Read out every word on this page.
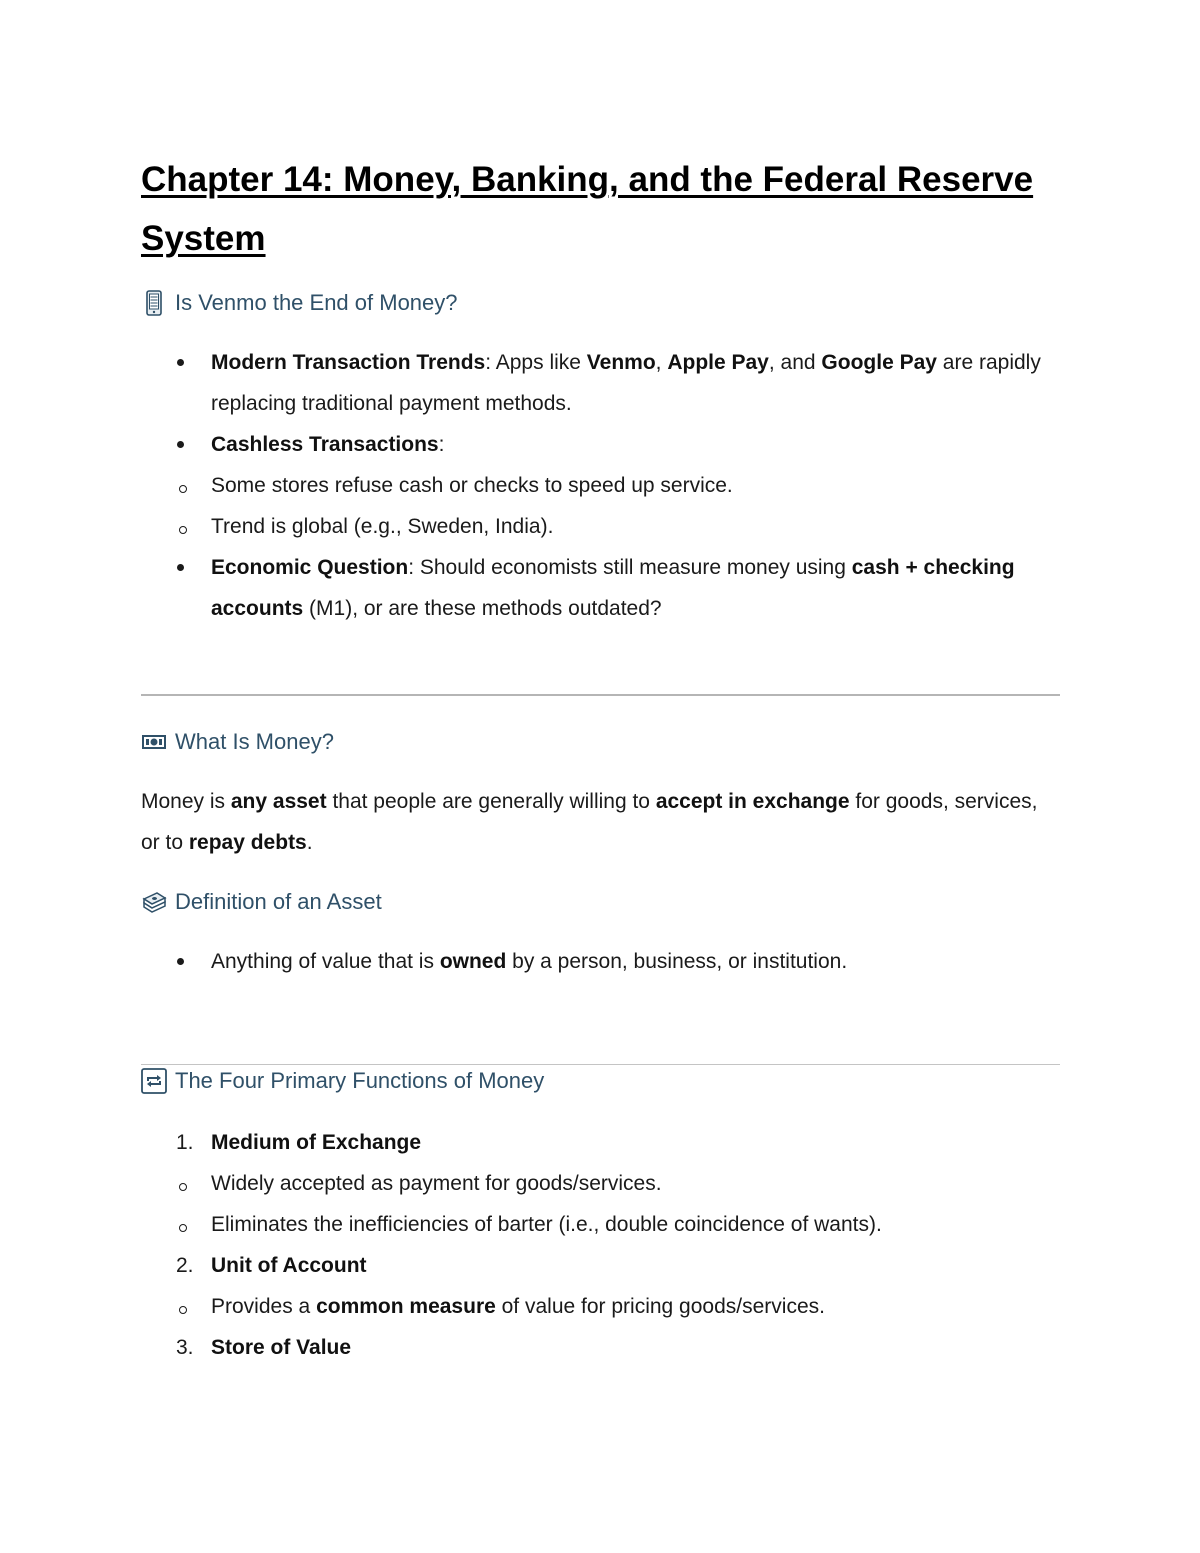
Chapter 14: Money, Banking, and the Federal Reserve System
Is Venmo the End of Money?
Modern Transaction Trends: Apps like Venmo, Apple Pay, and Google Pay are rapidly replacing traditional payment methods.
Cashless Transactions:
Some stores refuse cash or checks to speed up service.
Trend is global (e.g., Sweden, India).
Economic Question: Should economists still measure money using cash + checking accounts (M1), or are these methods outdated?
What Is Money?

Money is any asset that people are generally willing to accept in exchange for goods, services, or to repay debts.

Definition of an Asset
Anything of value that is owned by a person, business, or institution.
The Four Primary Functions of Money
1. Medium of Exchange
Widely accepted as payment for goods/services.
Eliminates the inefficiencies of barter (i.e., double coincidence of wants).
2. Unit of Account
Provides a common measure of value for pricing goods/services.
3. Store of Value
